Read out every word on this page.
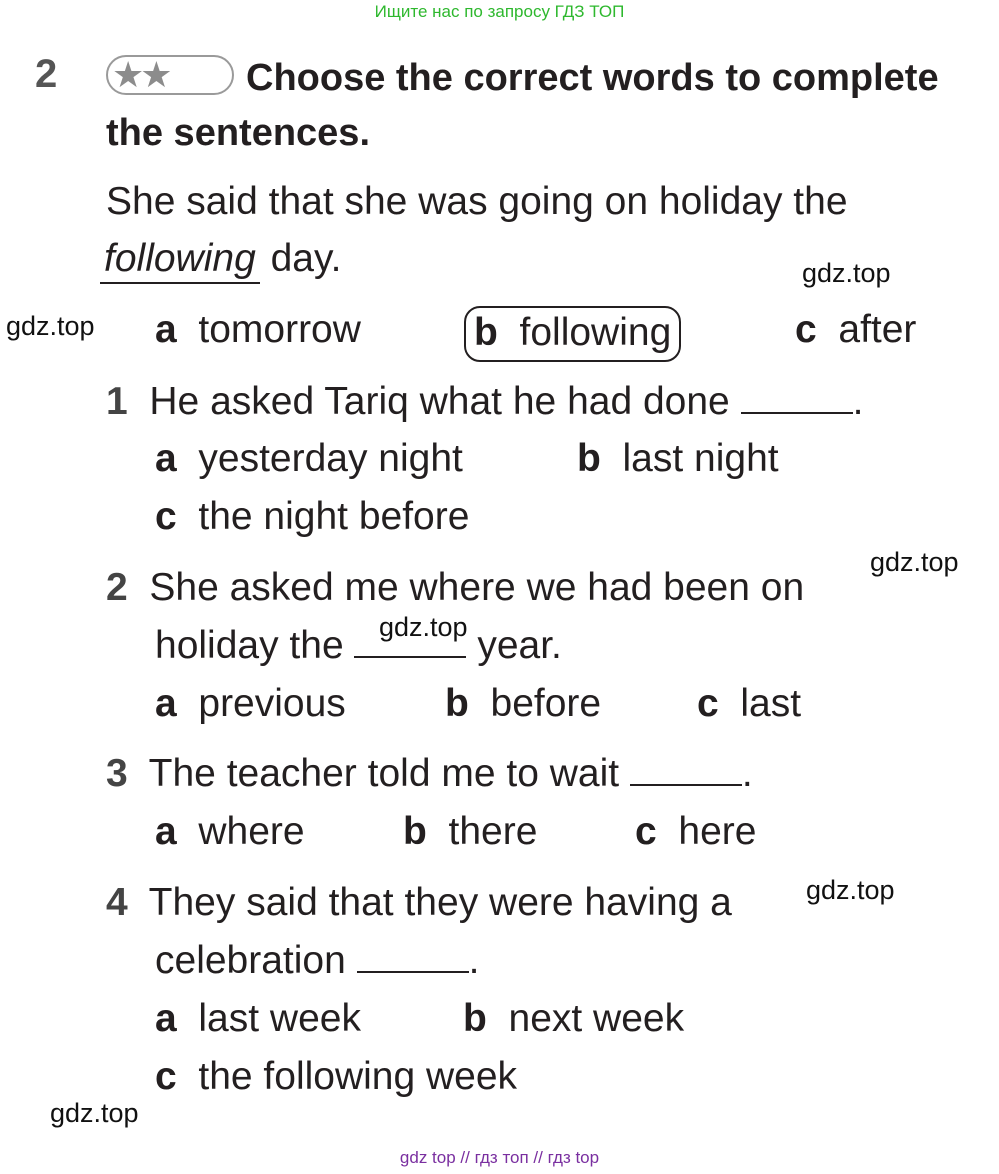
Ищите нас по запросу ГДЗ ТОП
2 ★★	Choose the correct words to complete
the sentences.
She said that she was going on holiday the
following day.
a tomorrow	b following	c after
1 He asked Tariq what he had done	.
a yesterday night	b last night
c the night before
2 She asked me where we had been on
holiday the	year.
a previous	b before c last
3 The teacher told me to wait	.
a where	b there	c here
4 They said that they were having a
celebration	.
a last week	b next week
c the following week
gdz.top
gdz.top
gdz.top
gdz.top
gdz.top
gdz.top
gdz top // гдз топ // гдз top
